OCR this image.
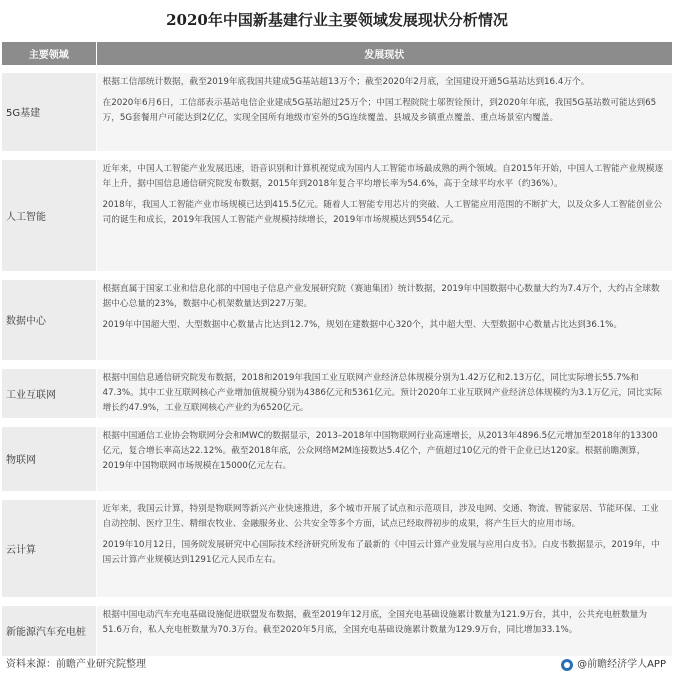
2020年中国新基建行业主要领域发展现状分析情况
主要领域	发展现状

5G基建	根据工信部统计数据，截至2019年底我国共建成5G基站超13万个；截至2020年2月底，全国建设开通5G基站达到16.4万个。

在2020年6月6日，工信部表示基站电信企业建成5G基站超过25万个；中国工程院院士邬贺铨预计，到2020年年底，我国5G基站数可能达到65万，5G套餐用户可能达到2亿亿，实现全国所有地级市室外的5G连续覆盖、县城及乡镇重点覆盖、重点场景室内覆盖。

人工智能	近年来，中国人工智能产业发展迅速，语音识别和计算机视觉成为国内人工智能市场最成熟的两个领域。自2015年开始，中国人工智能产业规模逐年上升，据中国信息通信研究院发布数据，2015年到2018年复合平均增长率为54.6%，高于全球平均水平（约36%）。

2018年，我国人工智能产业市场规模已达到415.5亿元。随着人工智能专用芯片的突破、人工智能应用范围的不断扩大，以及众多人工智能创业公司的诞生和成长，2019年我国人工智能产业规模持续增长，2019年市场规模达到554亿元。

数据中心	根据直属于国家工业和信息化部的中国电子信息产业发展研究院（赛迪集团）统计数据，2019年中国数据中心数量大约为7.4万个，大约占全球数据中心总量的23%，数据中心机架数量达到227万架。

2019年中国超大型、大型数据中心数量占比达到12.7%，规划在建数据中心320个，其中超大型、大型数据中心数量占比达到36.1%。

工业互联网	根据中国信息通信研究院发布数据，2018和2019年我国工业互联网产业经济总体规模分别为1.42万亿和2.13万亿，同比实际增长55.7%和47.3%。其中工业互联网核心产业增加值规模分别为4386亿元和5361亿元。预计2020年工业互联网产业经济总体规模约为3.1万亿元，同比实际增长约47.9%，工业互联网核心产业约为6520亿元。

物联网	根据中国通信工业协会物联网分会和MWC的数据显示，2013–2018年中国物联网行业高速增长，从2013年4896.5亿元增加至2018年的13300亿元，复合增长率高达22.12%。截至2018年底，公众网络M2M连接数达5.4亿个，产值超过10亿元的骨干企业已达120家。根据前瞻测算，2019年中国物联网市场规模在15000亿元左右。

云计算	近年来，我国云计算，特别是物联网等新兴产业快速推进，多个城市开展了试点和示范项目，涉及电网、交通、物流、智能家居、节能环保、工业自动控制、医疗卫生、精细农牧业、金融服务业、公共安全等多个方面，试点已经取得初步的成果，将产生巨大的应用市场。

2019年10月12日，国务院发展研究中心国际技术经济研究所发布了最新的《中国云计算产业发展与应用白皮书》。白皮书数据显示，2019年，中国云计算产业规模达到1291亿元人民币左右。

新能源汽车充电桩	根据中国电动汽车充电基础设施促进联盟发布数据，截至2019年12月底，全国充电基础设施累计数量为121.9万台，其中，公共充电桩数量为51.6万台，私人充电桩数量为70.3万台。截至2020年5月底，全国充电基础设施累计数量为129.9万台，同比增加33.1%。

资料来源：前瞻产业研究院整理	@前瞻经济学人APP
